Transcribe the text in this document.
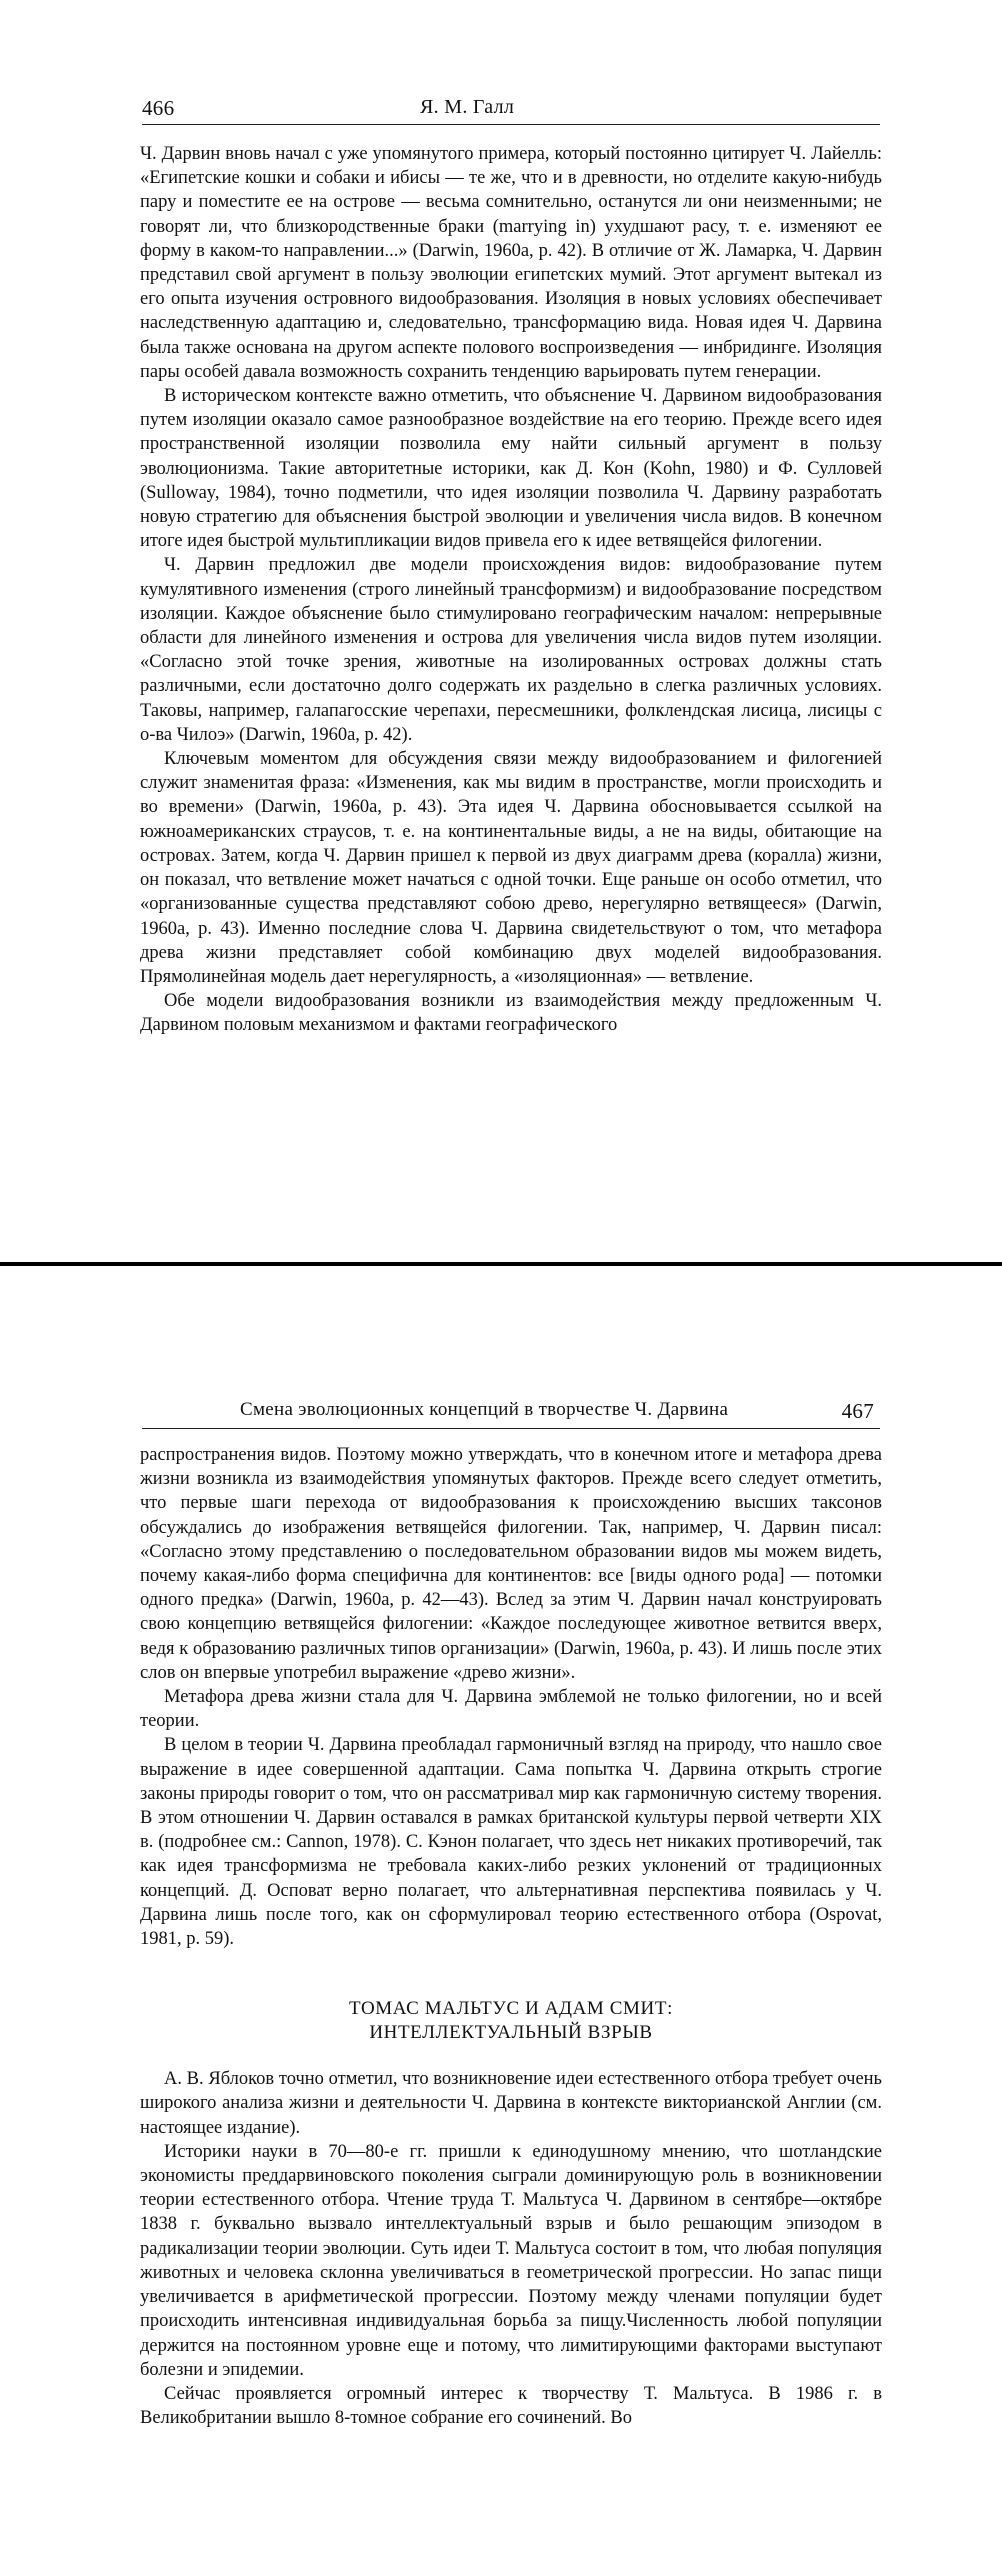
466	Я. М. Галл

Ч. Дарвин вновь начал с уже упомянутого примера, который постоянно цитирует Ч. Лайелль: «Египетские кошки и собаки и ибисы — те же, что и в древности, но отделите какую-нибудь пару и поместите ее на острове — весьма сомнительно, останутся ли они неизменными; не говорят ли, что близкородственные браки (marrying in) ухудшают расу, т. е. изменяют ее форму в каком-то направлении...» (Darwin, 1960а, р. 42). В отличие от Ж. Ламарка, Ч. Дарвин представил свой аргумент в пользу эволюции египетских мумий. Этот аргумент вытекал из его опыта изучения островного видообразования. Изоляция в новых условиях обеспечивает наследственную адаптацию и, следовательно, трансформацию вида. Новая идея Ч. Дарвина была также основана на другом аспекте полового воспроизведения — инбридинге. Изоляция пары особей давала возможность сохранить тенденцию варьировать путем генерации.

В историческом контексте важно отметить, что объяснение Ч. Дарвином видообразования путем изоляции оказало самое разнообразное воздействие на его теорию. Прежде всего идея пространственной изоляции позволила ему найти сильный аргумент в пользу эволюционизма. Такие авторитетные историки, как Д. Кон (Kohn, 1980) и Ф. Сулловей (Sulloway, 1984), точно подметили, что идея изоляции позволила Ч. Дарвину разработать новую стратегию для объяснения быстрой эволюции и увеличения числа видов. В конечном итоге идея быстрой мультипликации видов привела его к идее ветвящейся филогении.

Ч. Дарвин предложил две модели происхождения видов: видообразование путем кумулятивного изменения (строго линейный трансформизм) и видообразование посредством изоляции. Каждое объяснение было стимулировано географическим началом: непрерывные области для линейного изменения и острова для увеличения числа видов путем изоляции. «Согласно этой точке зрения, животные на изолированных островах должны стать различными, если достаточно долго содержать их раздельно в слегка различных условиях. Таковы, например, галапагосские черепахи, пересмешники, фолклендская лисица, лисицы с о-ва Чилоэ» (Darwin, 1960а, р. 42).

Ключевым моментом для обсуждения связи между видообразованием и филогенией служит знаменитая фраза: «Изменения, как мы видим в пространстве, могли происходить и во времени» (Darwin, 1960а, р. 43). Эта идея Ч. Дарвина обосновывается ссылкой на южноамериканских страусов, т. е. на континентальные виды, а не на виды, обитающие на островах. Затем, когда Ч. Дарвин пришел к первой из двух диаграмм древа (коралла) жизни, он показал, что ветвление может начаться с одной точки. Еще раньше он особо отметил, что «организованные существа представляют собою древо, нерегулярно ветвящееся» (Darwin, 1960а, р. 43). Именно последние слова Ч. Дарвина свидетельствуют о том, что метафора древа жизни представляет собой комбинацию двух моделей видообразования. Прямолинейная модель дает нерегулярность, а «изоляционная» — ветвление.

Обе модели видообразования возникли из взаимодействия между предложенным Ч. Дарвином половым механизмом и фактами географического

Смена эволюционных концепций в творчестве Ч. Дарвина	467

распространения видов. Поэтому можно утверждать, что в конечном итоге и метафора древа жизни возникла из взаимодействия упомянутых факторов. Прежде всего следует отметить, что первые шаги перехода от видообразования к происхождению высших таксонов обсуждались до изображения ветвящейся филогении. Так, например, Ч. Дарвин писал: «Согласно этому представлению о последовательном образовании видов мы можем видеть, почему какая-либо форма специфична для континентов: все [виды одного рода] — потомки одного предка» (Darwin, 1960а, р. 42—43). Вслед за этим Ч. Дарвин начал конструировать свою концепцию ветвящейся филогении: «Каждое последующее животное ветвится вверх, ведя к образованию различных типов организации» (Darwin, 1960а, р. 43). И лишь после этих слов он впервые употребил выражение «древо жизни».

Метафора древа жизни стала для Ч. Дарвина эмблемой не только филогении, но и всей теории.

В целом в теории Ч. Дарвина преобладал гармоничный взгляд на природу, что нашло свое выражение в идее совершенной адаптации. Сама попытка Ч. Дарвина открыть строгие законы природы говорит о том, что он рассматривал мир как гармоничную систему творения. В этом отношении Ч. Дарвин оставался в рамках британской культуры первой четверти XIX в. (подробнее см.: Cannon, 1978). С. Кэнон полагает, что здесь нет никаких противоречий, так как идея трансформизма не требовала каких-либо резких уклонений от традиционных концепций. Д. Осповат верно полагает, что альтернативная перспектива появилась у Ч. Дарвина лишь после того, как он сформулировал теорию естественного отбора (Ospovat, 1981, р. 59).

ТОМАС МАЛЬТУС И АДАМ СМИТ:
ИНТЕЛЛЕКТУАЛЬНЫЙ ВЗРЫВ

А. В. Яблоков точно отметил, что возникновение идеи естественного отбора требует очень широкого анализа жизни и деятельности Ч. Дарвина в контексте викторианской Англии (см. настоящее издание).

Историки науки в 70—80-е гг. пришли к единодушному мнению, что шотландские экономисты преддарвиновского поколения сыграли доминирующую роль в возникновении теории естественного отбора. Чтение труда Т. Мальтуса Ч. Дарвином в сентябре—октябре 1838 г. буквально вызвало интеллектуальный взрыв и было решающим эпизодом в радикализации теории эволюции. Суть идеи Т. Мальтуса состоит в том, что любая популяция животных и человека склонна увеличиваться в геометрической прогрессии. Но запас пищи увеличивается в арифметической прогрессии. Поэтому между членами популяции будет происходить интенсивная индивидуальная борьба за пищу.Численность любой популяции держится на постоянном уровне еще и потому, что лимитирующими факторами выступают болезни и эпидемии.

Сейчас проявляется огромный интерес к творчеству Т. Мальтуса. В 1986 г. в Великобритании вышло 8-томное собрание его сочинений. Во
